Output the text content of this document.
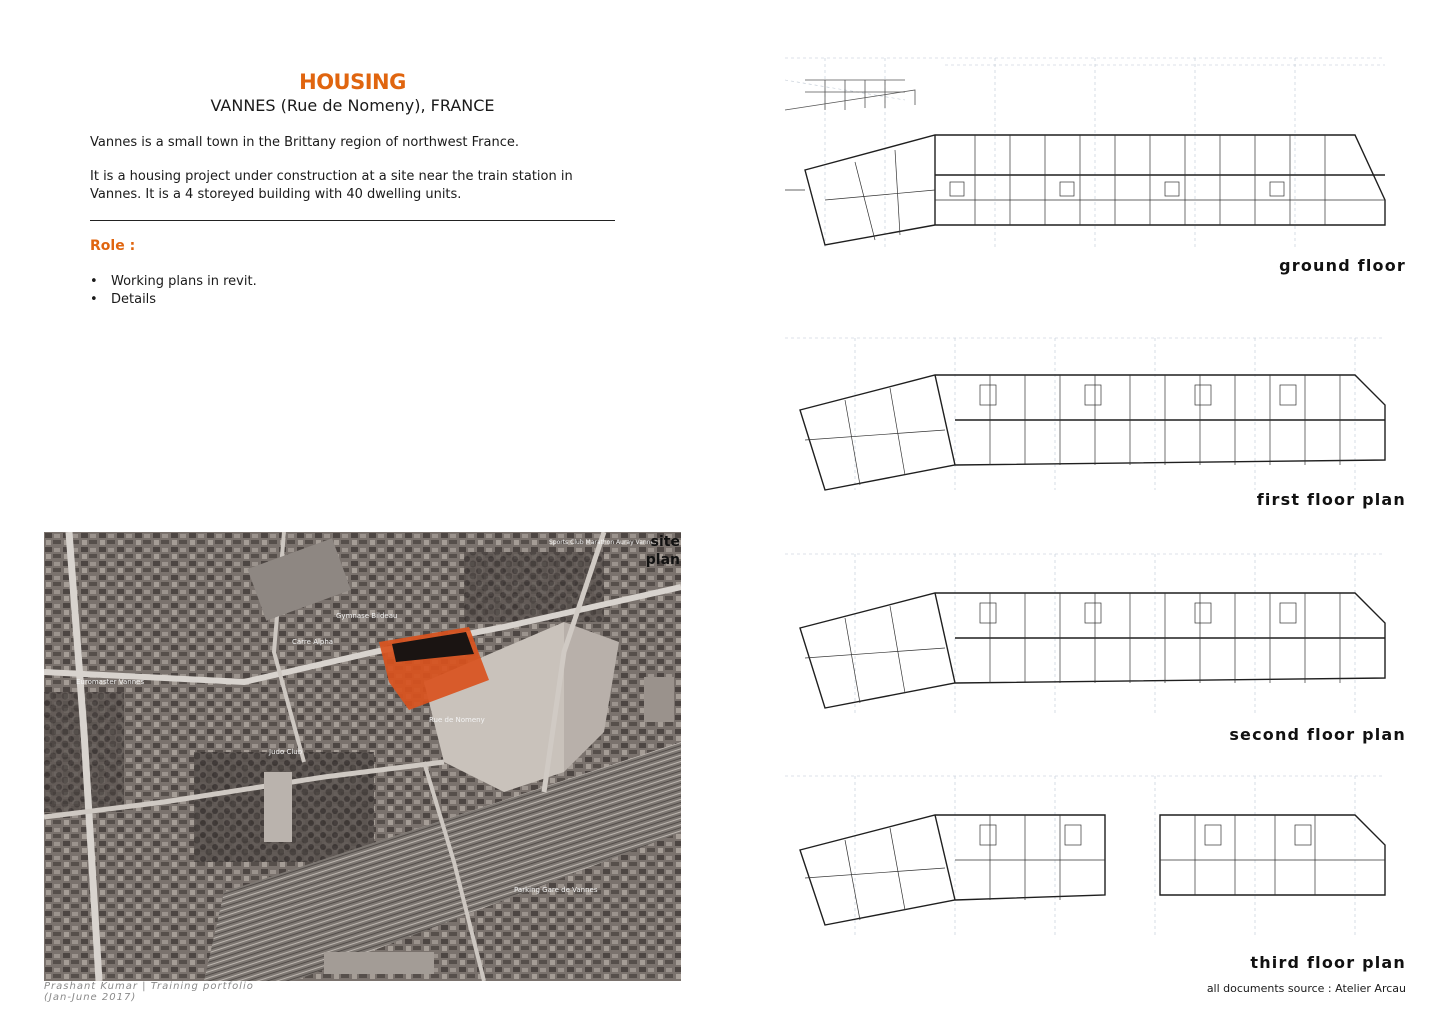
HOUSING
VANNES (Rue de Nomeny), FRANCE
Vannes is a small town in the Brittany region of northwest France.
It is a housing project under construction at a site near the train station in Vannes. It is a 4 storeyed building with 40 dwelling units.
Role :
• Working plans in revit.
• Details
Carre Alpha
Gymnase Bildeau
Judo Club
Sports Club Marathon Auray Vannes
Euromaster Vannes
Parking Gare de Vannes
Rue de Nomeny
site
plan
ground floor
first floor plan
second floor plan
third floor plan
Prashant Kumar | Training portfolio
(Jan-June 2017)
all documents source : Atelier Arcau
